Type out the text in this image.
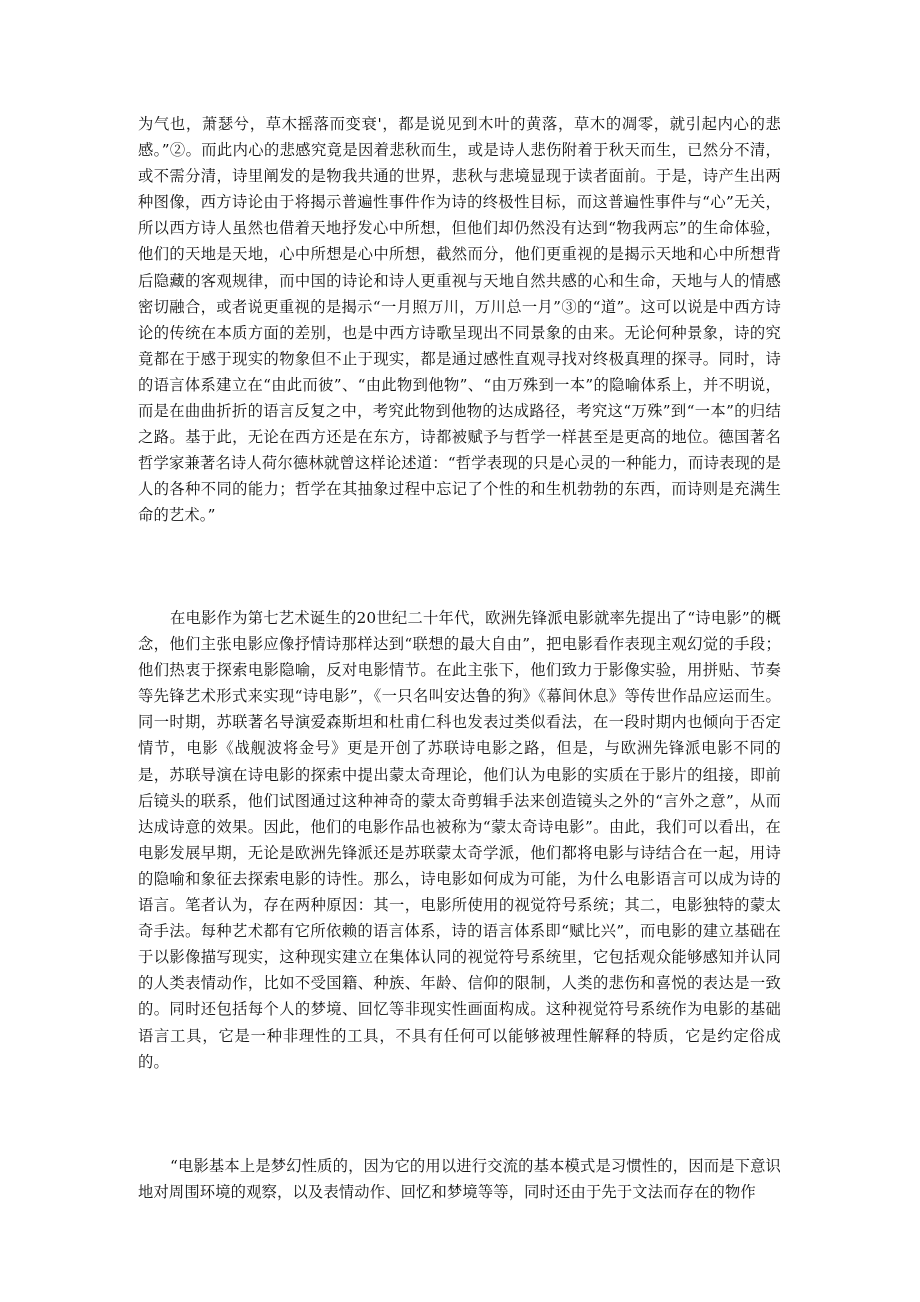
为气也，萧瑟兮，草木摇落而变衰'，都是说见到木叶的黄落，草木的凋零，就引起内心的悲感。”②。而此内心的悲感究竟是因着悲秋而生，或是诗人悲伤附着于秋天而生，已然分不清，或不需分清，诗里阐发的是物我共通的世界，悲秋与悲境显现于读者面前。于是，诗产生出两种图像，西方诗论由于将揭示普遍性事件作为诗的终极性目标，而这普遍性事件与“心”无关，所以西方诗人虽然也借着天地抒发心中所想，但他们却仍然没有达到“物我两忘”的生命体验，他们的天地是天地，心中所想是心中所想，截然而分，他们更重视的是揭示天地和心中所想背后隐藏的客观规律，而中国的诗论和诗人更重视与天地自然共感的心和生命，天地与人的情感密切融合，或者说更重视的是揭示“一月照万川，万川总一月”③的“道”。这可以说是中西方诗论的传统在本质方面的差别，也是中西方诗歌呈现出不同景象的由来。无论何种景象，诗的究竟都在于感于现实的物象但不止于现实，都是通过感性直观寻找对终极真理的探寻。同时，诗的语言体系建立在“由此而彼”、“由此物到他物”、“由万殊到一本”的隐喻体系上，并不明说，而是在曲曲折折的语言反复之中，考究此物到他物的达成路径，考究这“万殊”到“一本”的归结之路。基于此，无论在西方还是在东方，诗都被赋予与哲学一样甚至是更高的地位。德国著名哲学家兼著名诗人荷尔德林就曾这样论述道：“哲学表现的只是心灵的一种能力，而诗表现的是人的各种不同的能力；哲学在其抽象过程中忘记了个性的和生机勃勃的东西，而诗则是充满生命的艺术。”

在电影作为第七艺术诞生的20世纪二十年代，欧洲先锋派电影就率先提出了“诗电影”的概念，他们主张电影应像抒情诗那样达到“联想的最大自由”，把电影看作表现主观幻觉的手段；他们热衷于探索电影隐喻，反对电影情节。在此主张下，他们致力于影像实验，用拼贴、节奏等先锋艺术形式来实现“诗电影”，《一只名叫安达鲁的狗》《幕间休息》等传世作品应运而生。同一时期，苏联著名导演爱森斯坦和杜甫仁科也发表过类似看法，在一段时期内也倾向于否定情节，电影《战舰波将金号》更是开创了苏联诗电影之路，但是，与欧洲先锋派电影不同的是，苏联导演在诗电影的探索中提出蒙太奇理论，他们认为电影的实质在于影片的组接，即前后镜头的联系，他们试图通过这种神奇的蒙太奇剪辑手法来创造镜头之外的“言外之意”，从而达成诗意的效果。因此，他们的电影作品也被称为“蒙太奇诗电影”。由此，我们可以看出，在电影发展早期，无论是欧洲先锋派还是苏联蒙太奇学派，他们都将电影与诗结合在一起，用诗的隐喻和象征去探索电影的诗性。那么，诗电影如何成为可能，为什么电影语言可以成为诗的语言。笔者认为，存在两种原因：其一，电影所使用的视觉符号系统；其二，电影独特的蒙太奇手法。每种艺术都有它所依赖的语言体系，诗的语言体系即“赋比兴”，而电影的建立基础在于以影像描写现实，这种现实建立在集体认同的视觉符号系统里，它包括观众能够感知并认同的人类表情动作，比如不受国籍、种族、年龄、信仰的限制，人类的悲伤和喜悦的表达是一致的。同时还包括每个人的梦境、回忆等非现实性画面构成。这种视觉符号系统作为电影的基础语言工具，它是一种非理性的工具，不具有任何可以能够被理性解释的特质，它是约定俗成的。

“电影基本上是梦幻性质的，因为它的用以进行交流的基本模式是习惯性的，因而是下意识地对周围环境的观察，以及表情动作、回忆和梦境等等，同时还由于先于文法而存在的物作
